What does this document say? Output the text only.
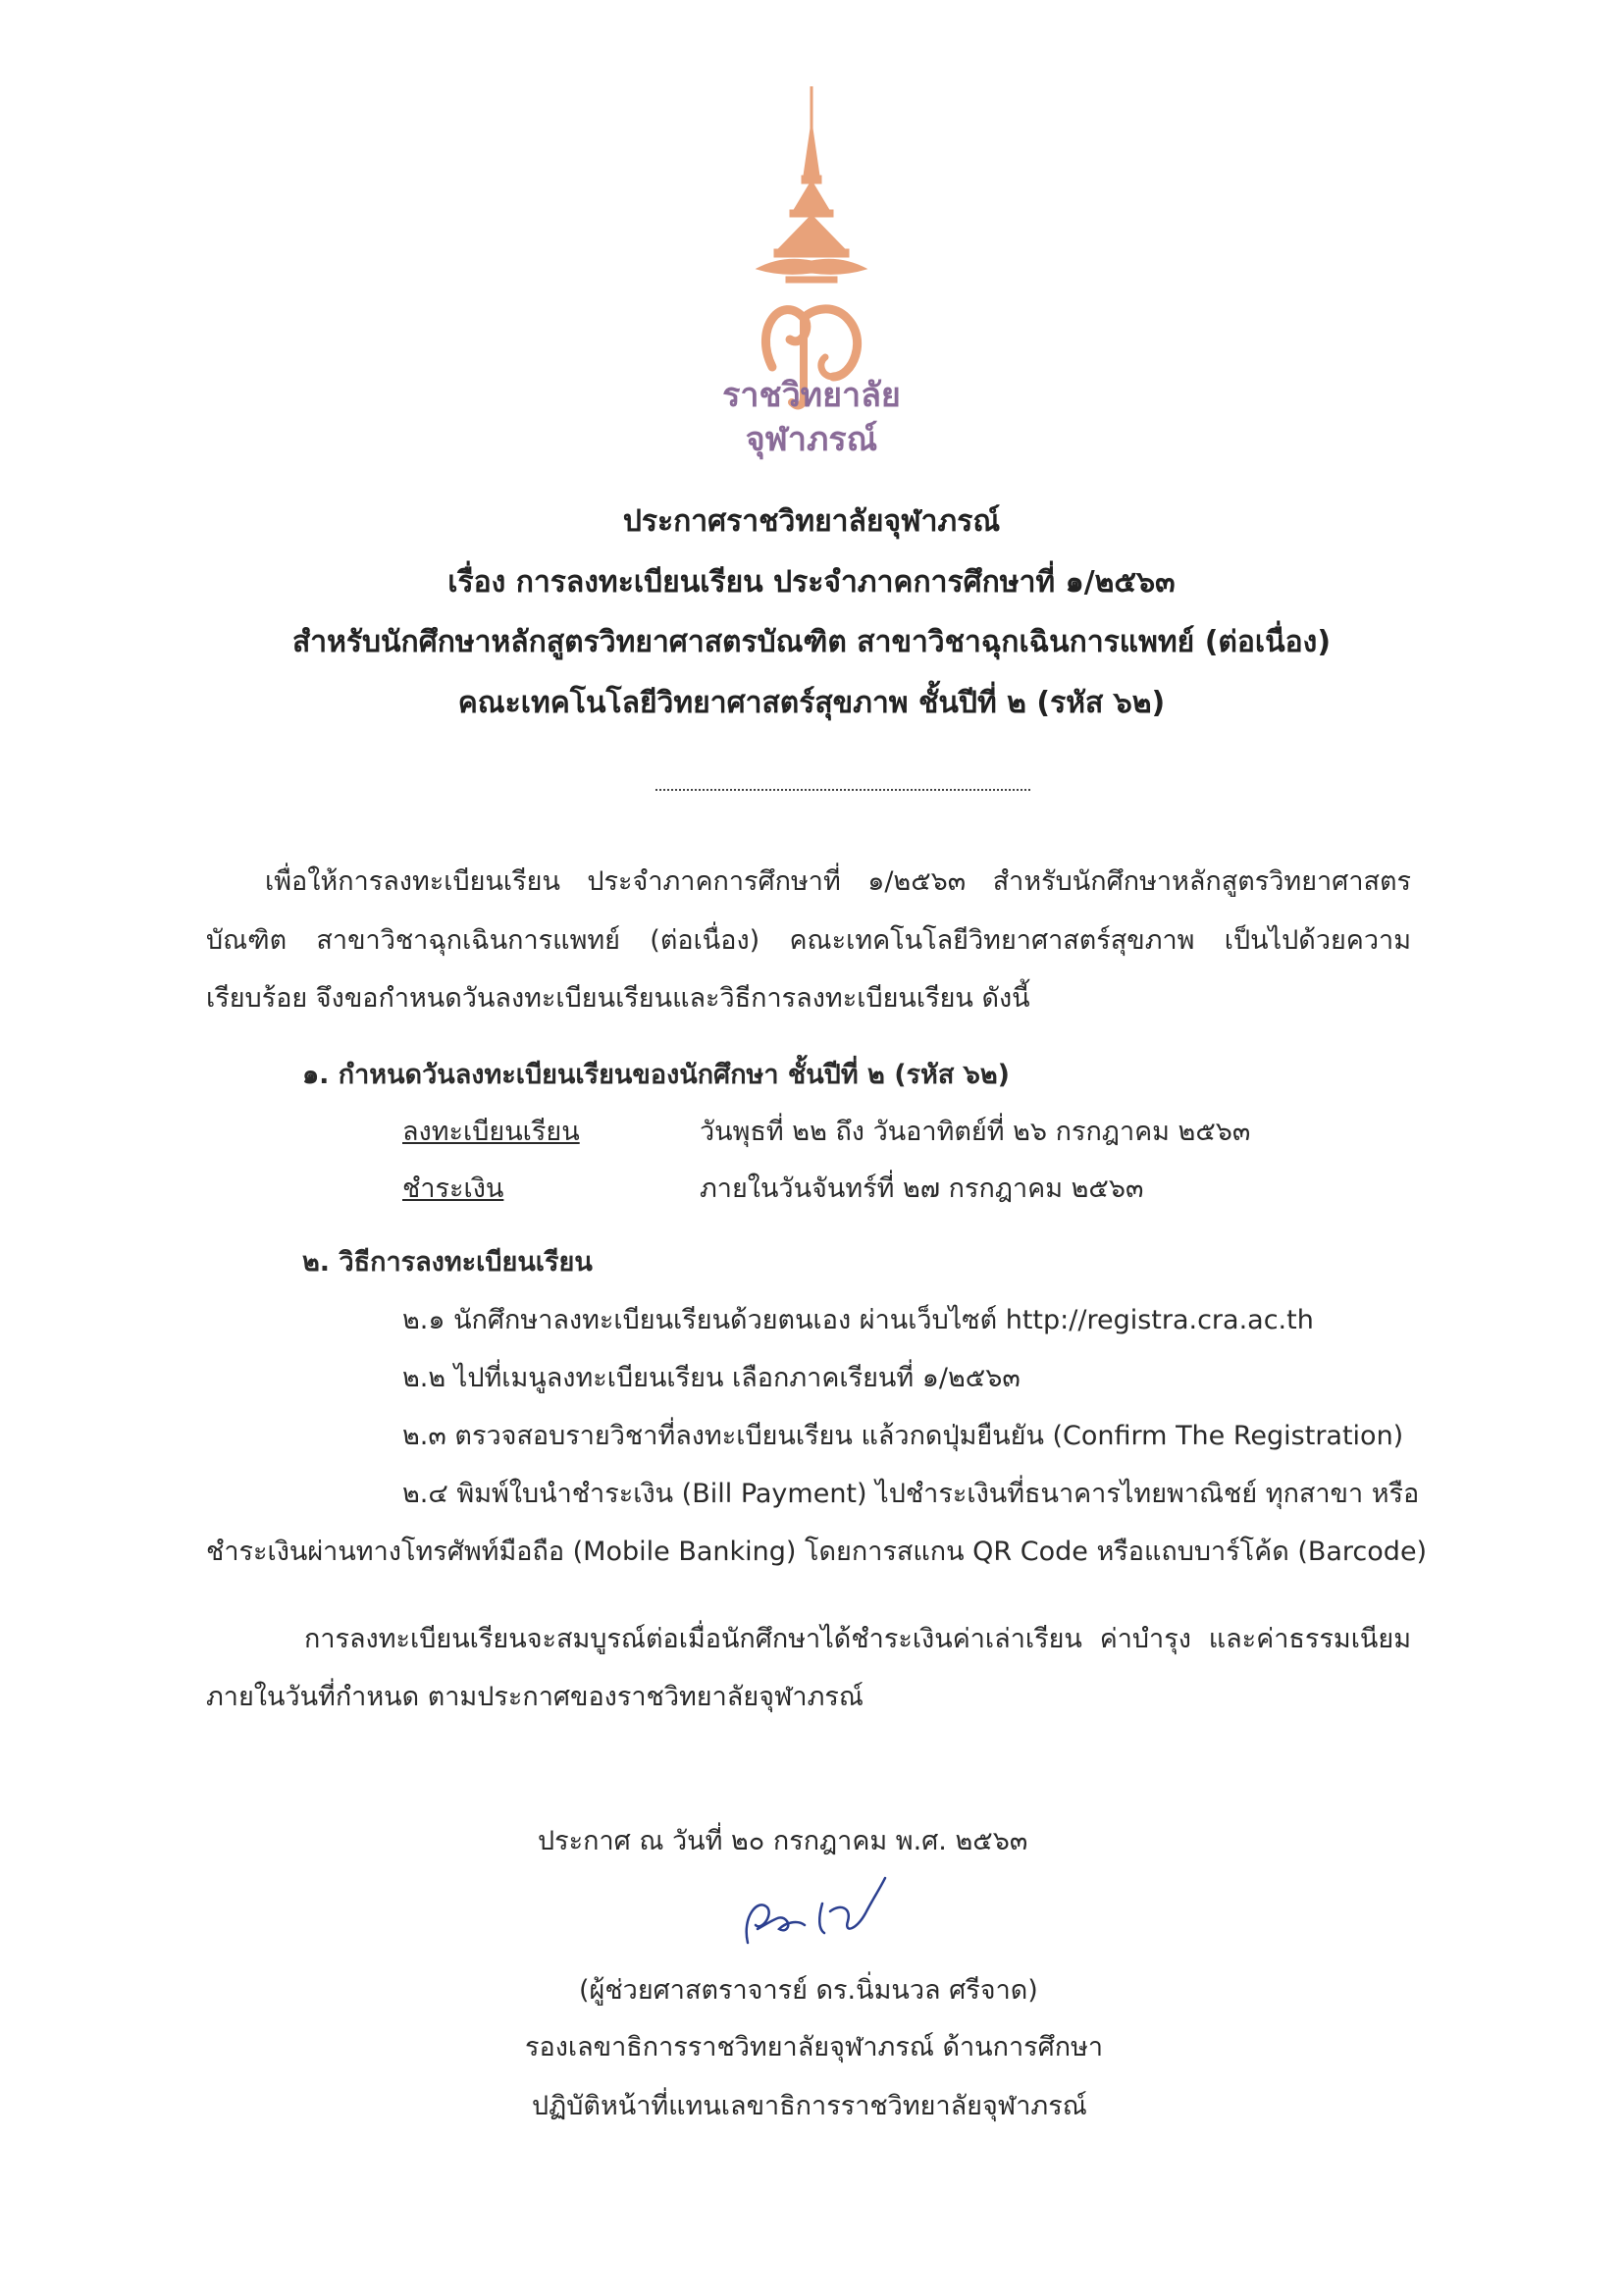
ราชวิทยาลัย
จุฬาภรณ์
ประกาศราชวิทยาลัยจุฬาภรณ์
เรื่อง การลงทะเบียนเรียน ประจำภาคการศึกษาที่ ๑/๒๕๖๓
สำหรับนักศึกษาหลักสูตรวิทยาศาสตรบัณฑิต สาขาวิชาฉุกเฉินการแพทย์ (ต่อเนื่อง)
คณะเทคโนโลยีวิทยาศาสตร์สุขภาพ ชั้นปีที่ ๒ (รหัส ๖๒)
เพื่อให้การลงทะเบียนเรียน ประจำภาคการศึกษาที่ ๑/๒๕๖๓ สำหรับนักศึกษาหลักสูตรวิทยาศาสตร
บัณฑิต สาขาวิชาฉุกเฉินการแพทย์ (ต่อเนื่อง) คณะเทคโนโลยีวิทยาศาสตร์สุขภาพ เป็นไปด้วยความ
เรียบร้อย จึงขอกำหนดวันลงทะเบียนเรียนและวิธีการลงทะเบียนเรียน ดังนี้
๑. กำหนดวันลงทะเบียนเรียนของนักศึกษา ชั้นปีที่ ๒ (รหัส ๖๒)
ลงทะเบียนเรียน	วันพุธที่ ๒๒ ถึง วันอาทิตย์ที่ ๒๖ กรกฎาคม ๒๕๖๓
ชำระเงิน	ภายในวันจันทร์ที่ ๒๗ กรกฎาคม ๒๕๖๓
๒. วิธีการลงทะเบียนเรียน
๒.๑ นักศึกษาลงทะเบียนเรียนด้วยตนเอง ผ่านเว็บไซต์ http://registra.cra.ac.th
๒.๒ ไปที่เมนูลงทะเบียนเรียน เลือกภาคเรียนที่ ๑/๒๕๖๓
๒.๓ ตรวจสอบรายวิชาที่ลงทะเบียนเรียน แล้วกดปุ่มยืนยัน (Confirm The Registration)
๒.๔ พิมพ์ใบนำชำระเงิน (Bill Payment) ไปชำระเงินที่ธนาคารไทยพาณิชย์ ทุกสาขา หรือ
ชำระเงินผ่านทางโทรศัพท์มือถือ (Mobile Banking) โดยการสแกน QR Code หรือแถบบาร์โค้ด (Barcode)
การลงทะเบียนเรียนจะสมบูรณ์ต่อเมื่อนักศึกษาได้ชำระเงินค่าเล่าเรียน ค่าบำรุง และค่าธรรมเนียม
ภายในวันที่กำหนด ตามประกาศของราชวิทยาลัยจุฬาภรณ์
ประกาศ ณ วันที่ ๒๐ กรกฎาคม พ.ศ. ๒๕๖๓
(ผู้ช่วยศาสตราจารย์ ดร.นิ่มนวล ศรีจาด)
รองเลขาธิการราชวิทยาลัยจุฬาภรณ์ ด้านการศึกษา
ปฏิบัติหน้าที่แทนเลขาธิการราชวิทยาลัยจุฬาภรณ์
